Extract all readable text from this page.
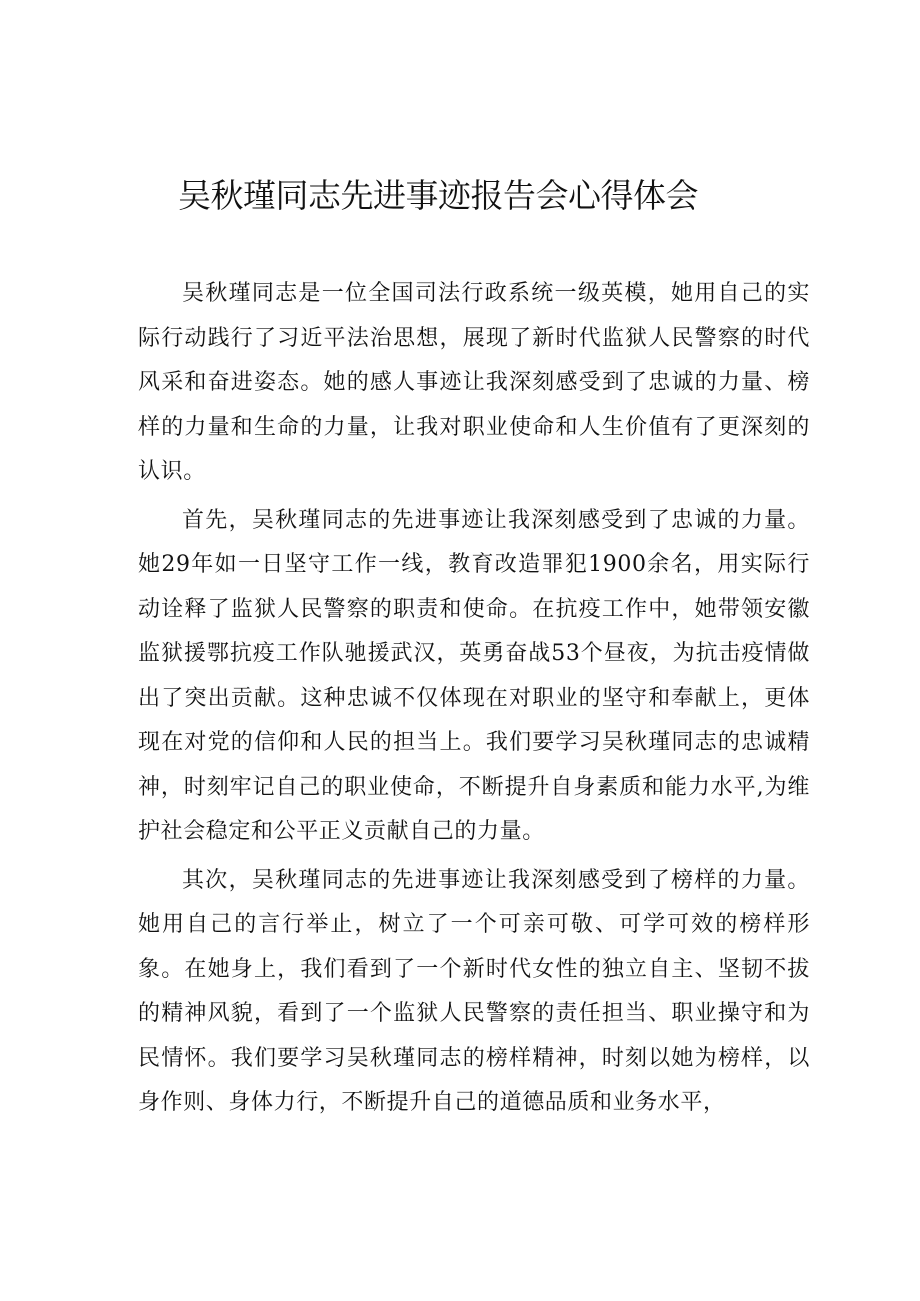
吴秋瑾同志先进事迹报告会心得体会

吴秋瑾同志是一位全国司法行政系统一级英模，她用自己的实际行动践行了习近平法治思想，展现了新时代监狱人民警察的时代风采和奋进姿态。她的感人事迹让我深刻感受到了忠诚的力量、榜样的力量和生命的力量，让我对职业使命和人生价值有了更深刻的认识。

首先，吴秋瑾同志的先进事迹让我深刻感受到了忠诚的力量。她29年如一日坚守工作一线，教育改造罪犯1900余名，用实际行动诠释了监狱人民警察的职责和使命。在抗疫工作中，她带领安徽监狱援鄂抗疫工作队驰援武汉，英勇奋战53个昼夜，为抗击疫情做出了突出贡献。这种忠诚不仅体现在对职业的坚守和奉献上，更体现在对党的信仰和人民的担当上。我们要学习吴秋瑾同志的忠诚精神，时刻牢记自己的职业使命，不断提升自身素质和能力水平,为维护社会稳定和公平正义贡献自己的力量。

其次，吴秋瑾同志的先进事迹让我深刻感受到了榜样的力量。她用自己的言行举止，树立了一个可亲可敬、可学可效的榜样形象。在她身上，我们看到了一个新时代女性的独立自主、坚韧不拔的精神风貌，看到了一个监狱人民警察的责任担当、职业操守和为民情怀。我们要学习吴秋瑾同志的榜样精神，时刻以她为榜样，以身作则、身体力行，不断提升自己的道德品质和业务水平，
